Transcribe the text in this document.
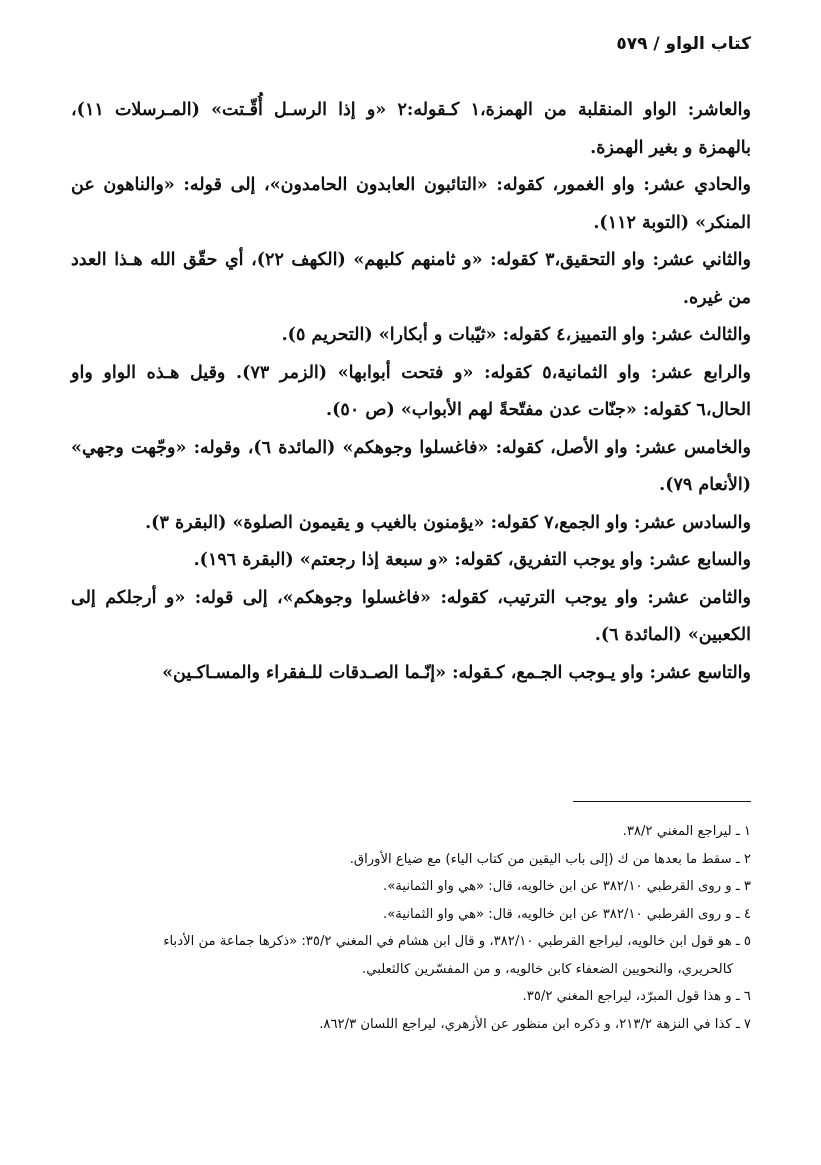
كتاب الواو / ٥٧٩

والعاشر: الواو المنقلبة من الهمزة،١ كـقوله:٢ «و إذا الرسـل أُقّـتت» (المـرسلات ١١)، بالهمزة و بغير الهمزة.

والحادي عشر: واو الغمور، كقوله: «التائبون العابدون الحامدون»، إلى قوله: «والناهون عن المنكر» (التوبة ١١٢).

والثاني عشر: واو التحقيق،٣ كقوله: «و ثامنهم كلبهم» (الكهف ٢٢)، أي حقّق الله هـذا العدد من غيره.

والثالث عشر: واو التمييز،٤ كقوله: «ثيّبات و أبكارا» (التحريم ٥).

والرابع عشر: واو الثمانية،٥ كقوله: «و فتحت أبوابها» (الزمر ٧٣). وقيل هـذه الواو واو الحال،٦ كقوله: «جنّات عدن مفتّحةً لهم الأبواب» (ص ٥٠).

والخامس عشر: واو الأصل، كقوله: «فاغسلوا وجوهكم» (المائدة ٦)، وقوله: «وجّهت وجهي» (الأنعام ٧٩).

والسادس عشر: واو الجمع،٧ كقوله: «يؤمنون بالغيب و يقيمون الصلوة» (البقرة ٣).

والسابع عشر: واو يوجب التفريق، كقوله: «و سبعة إذا رجعتم» (البقرة ١٩٦).

والثامن عشر: واو يوجب الترتيب، كقوله: «فاغسلوا وجوهكم»، إلى قوله: «و أرجلكم إلى الكعبين» (المائدة ٦).

والتاسع عشر: واو يـوجب الجـمع، كـقوله: «إنّـما الصـدقات للـفقراء والمسـاكـين»

١ ـ ليراجع المغني ٣٨/٢.
٢ ـ سقط ما بعدها من ك (إلى باب اليقين من كتاب الياء) مع ضياع الأوراق.
٣ ـ و روى القرطبي ٣٨٢/١٠ عن ابن خالويه، قال: «هي واو الثمانية».
٤ ـ و روى القرطبي ٣٨٢/١٠ عن ابن خالويه، قال: «هي واو الثمانية».
٥ ـ هو قول ابن خالويه، ليراجع القرطبي ٣٨٢/١٠، و قال ابن هشام في المغني ٣٥/٢: «ذكرها جماعة من الأدباء
كالحريري، والنحويين الضعفاء كابن خالويه، و من المفسّرين كالثعلبي.
٦ ـ و هذا قول المبرّد، ليراجع المغني ٣٥/٢.
٧ ـ كذا في النزهة ٢١٣/٢، و ذكره ابن منظور عن الأزهري، ليراجع اللسان ٨٦٢/٣.
